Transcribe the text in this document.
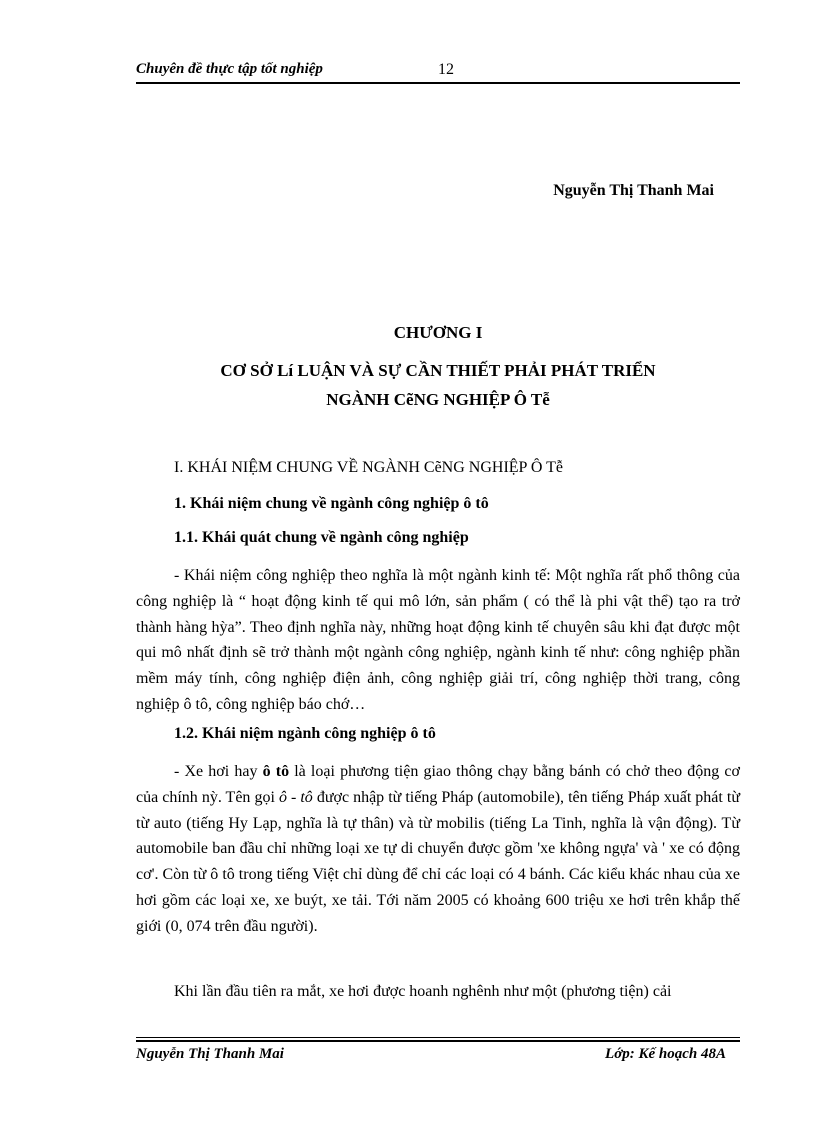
Chuyên đề thực tập tốt nghiệp	12
Nguyễn Thị Thanh Mai
CHƯƠNG I
CƠ SỞ Lí LUẬN VÀ SỰ CẦN THIẾT PHẢI PHÁT TRIỂN
NGÀNH CẽNG NGHIỆP Ô Tễ
I. KHÁI NIỆM CHUNG VỀ NGÀNH CẽNG NGHIỆP Ô Tễ
1. Khái niệm chung về ngành công nghiệp ô tô
1.1. Khái quát chung về ngành công nghiệp
- Khái niệm công nghiệp theo nghĩa là một ngành kinh tế: Một nghĩa rất phổ thông của công nghiệp là “ hoạt động kinh tế qui mô lớn, sản phẩm ( có thể là phi vật thể) tạo ra trở thành hàng hỳa”. Theo định nghĩa này, những hoạt động kinh tế chuyên sâu khi đạt được một qui mô nhất định sẽ trở thành một ngành công nghiệp, ngành kinh tế như: công nghiệp phần mềm máy tính, công nghiệp điện ảnh, công nghiệp giải trí, công nghiệp thời trang, công nghiệp ô tô, công nghiệp báo chớ…
1.2. Khái niệm ngành công nghiệp ô tô
- Xe hơi hay ô tô là loại phương tiện giao thông chạy bằng bánh có chở theo động cơ của chính nỳ. Tên gọi ô - tô được nhập từ tiếng Pháp (automobile), tên tiếng Pháp xuất phát từ từ auto (tiếng Hy Lạp, nghĩa là tự thân) và từ mobilis (tiếng La Tinh, nghĩa là vận động). Từ automobile ban đầu chỉ những loại xe tự di chuyển được gồm 'xe không ngựa' và ' xe có động cơ'. Còn từ ô tô trong tiếng Việt chỉ dùng để chỉ các loại có 4 bánh. Các kiểu khác nhau của xe hơi gồm các loại xe, xe buýt, xe tải. Tới năm 2005 có khoảng 600 triệu xe hơi trên khắp thế giới (0, 074 trên đầu người).
Khi lần đầu tiên ra mắt, xe hơi được hoanh nghênh như một (phương tiện) cải
Nguyễn Thị Thanh Mai	Lớp: Kế hoạch 48A
